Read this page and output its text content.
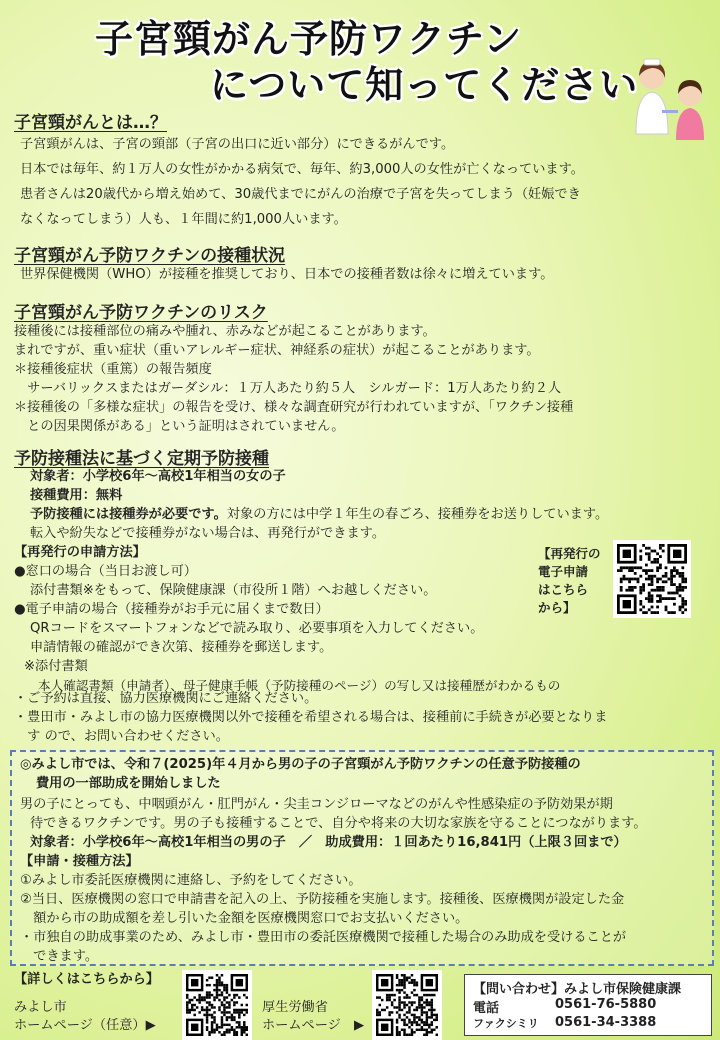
子宮頸がん予防ワクチン
について知ってください
子宮頸がんとは…？
子宮頸がんは、子宮の頸部（子宮の出口に近い部分）にできるがんです。
日本では毎年、約１万人の女性がかかる病気で、毎年、約3,000人の女性が亡くなっています。
患者さんは20歳代から増え始めて、30歳代までにがんの治療で子宮を失ってしまう（妊娠でき
なくなってしまう）人も、１年間に約1,000人います。
子宮頸がん予防ワクチンの接種状況
世界保健機関（WHO）が接種を推奨しており、日本での接種者数は徐々に増えています。
子宮頸がん予防ワクチンのリスク
接種後には接種部位の痛みや腫れ、赤みなどが起こることがあります。
まれですが、重い症状（重いアレルギー症状、神経系の症状）が起こることがあります。
＊接種後症状（重篤）の報告頻度
　サーバリックスまたはガーダシル：１万人あたり約５人　シルガード：1万人あたり約２人
＊接種後の「多様な症状」の報告を受け、様々な調査研究が行われていますが、「ワクチン接種
　との因果関係がある」という証明はされていません。
予防接種法に基づく定期予防接種
対象者：小学校6年～高校1年相当の女の子
接種費用：無料
予防接種には接種券が必要です。対象の方には中学１年生の春ごろ、接種券をお送りしています。
転入や紛失などで接種券がない場合は、再発行ができます。
【再発行の申請方法】
●窓口の場合（当日お渡し可）
添付書類※をもって、保険健康課（市役所１階）へお越しください。
●電子申請の場合（接種券がお手元に届くまで数日）
QRコードをスマートフォンなどで読み取り、必要事項を入力してください。
申請情報の確認ができ次第、接種券を郵送します。
※添付書類
本人確認書類（申請者）、母子健康手帳（予防接種のページ）の写し又は接種歴がわかるもの
【再発行の
電子申請
はこちら
から】
・ご予約は直接、協力医療機関にご連絡ください。
・豊田市・みよし市の協力医療機関以外で接種を希望される場合は、接種前に手続きが必要となりま
　す ので、お問い合わせください。
◎みよし市では、令和７(2025)年４月から男の子の子宮頸がん予防ワクチンの任意予防接種の
費用の一部助成を開始しました
男の子にとっても、中咽頭がん・肛門がん・尖圭コンジローマなどのがんや性感染症の予防効果が期
待できるワクチンです。男の子も接種することで、自分や将来の大切な家族を守ることにつながります。
対象者：小学校6年～高校1年相当の男の子　／　助成費用：１回あたり16,841円（上限３回まで）
【申請・接種方法】
①みよし市委託医療機関に連絡し、予約をしてください。
②当日、医療機関の窓口で申請書を記入の上、予防接種を実施します。接種後、医療機関が設定した金
　額から市の助成額を差し引いた金額を医療機関窓口でお支払いください。
・市独自の助成事業のため、みよし市・豊田市の委託医療機関で接種した場合のみ助成を受けることが
　できます。
【詳しくはこちらから】
みよし市
ホームページ（任意）▶
厚生労働省
ホームページ　▶
【問い合わせ】みよし市保険健康課
電話	0561-76-5880
ファクシミリ 0561-34-3388
